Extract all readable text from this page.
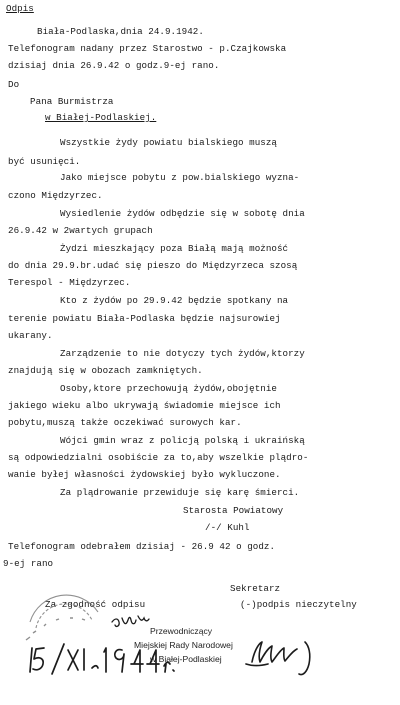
Odpis
Biała-Podlaska,dnia 24.9.1942.
Telefonogram nadany przez Starostwo - p.Czajkowska
dzisiaj dnia 26.9.42 o godz.9-ej rano.
Do
Pana Burmistrza
w Białej-Podlaskiej.
Wszystkie żydy powiatu bialskiego muszą
być usunięci.
Jako miejsce pobytu z pow.bialskiego wyzna-
czono Międzyrzec.
Wysiedlenie żydów odbędzie się w sobotę dnia
26.9.42 w 2wartych grupach
Żydzi mieszkający poza Białą mają możność
do dnia 29.9.br.udać się pieszo do Międzyrzeca szosą
Terespol - Międzyrzec.
Kto z żydów po 29.9.42 będzie spotkany na
terenie powiatu Biała-Podlaska będzie najsurowiej
ukarany.
Zarządzenie to nie dotyczy tych żydów,ktorzy
znajdują się w obozach zamkniętych.
Osoby,ktore przechowują żydów,obojętnie
jakiego wieku albo ukrywają świadomie miejsce ich
pobytu,muszą także oczekiwać surowych kar.
Wójci gmin wraz z policją polską i ukraińską
są odpowiedzialni osobiście za to,aby wszelkie plądro-
wanie byłej własności żydowskiej było wykluczone.
Za plądrowanie przewiduje się karę śmierci.
Starosta Powiatowy
/-/ Kuhl
Telefonogram odebrałem dzisiaj - 26.9 42 o godz.
9-ej rano
Sekretarz
Za zgodność odpisu	(-)podpis nieczytelny
Przewodniczący
Miejskiej Rady Narodowej
w Białej-Podlaskiej
